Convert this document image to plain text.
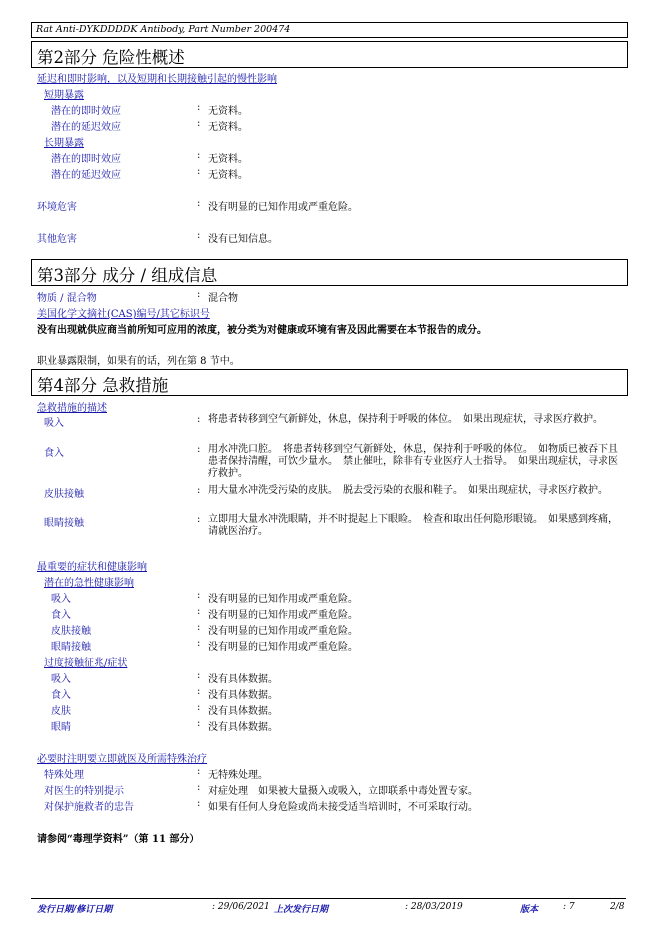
Rat Anti-DYKDDDDK Antibody, Part Number 200474
第2部分 危险性概述
延迟和即时影响，以及短期和长期接触引起的慢性影响
短期暴露
潜在的即时效应	: 无资料。
潜在的延迟效应	: 无资料。
长期暴露
潜在的即时效应	: 无资料。
潜在的延迟效应	: 无资料。
环境危害	: 没有明显的已知作用或严重危险。
其他危害	: 没有已知信息。
第3部分 成分 / 组成信息
物质 / 混合物	: 混合物
美国化学文摘社(CAS)编号/其它标识号
没有出现就供应商当前所知可应用的浓度，被分类为对健康或环境有害及因此需要在本节报告的成分。
职业暴露限制，如果有的话，列在第 8 节中。
第4部分 急救措施
急救措施的描述
吸入	: 将患者转移到空气新鲜处，休息，保持利于呼吸的体位。　如果出现症状，寻求医疗救护。
食入	: 用水冲洗口腔。　将患者转移到空气新鲜处，休息，保持利于呼吸的体位。　如物质已被吞下且患者保持清醒，可饮少量水。　禁止催吐，除非有专业医疗人士指导。　如果出现症状，寻求医疗救护。
皮肤接触	: 用大量水冲洗受污染的皮肤。　脱去受污染的衣服和鞋子。　如果出现症状，寻求医疗救护。
眼睛接触	: 立即用大量水冲洗眼睛，并不时提起上下眼睑。　检查和取出任何隐形眼镜。　如果感到疼痛，请就医治疗。
最重要的症状和健康影响
潜在的急性健康影响
吸入	: 没有明显的已知作用或严重危险。
食入	: 没有明显的已知作用或严重危险。
皮肤接触	: 没有明显的已知作用或严重危险。
眼睛接触	: 没有明显的已知作用或严重危险。
过度接触征兆/症状
吸入	: 没有具体数据。
食入	: 没有具体数据。
皮肤	: 没有具体数据。
眼睛	: 没有具体数据。
必要时注明要立即就医及所需特殊治疗
特殊处理	: 无特殊处理。
对医生的特别提示	: 对症处理　如果被大量摄入或吸入，立即联系中毒处置专家。
对保护施救者的忠告	: 如果有任何人身危险或尚未接受适当培训时，不可采取行动。
请参阅“毒理学资料”（第 11 部分）
发行日期/修订日期	: 29/06/2021 上次发行日期	: 28/03/2019	版本	: 7	2/8
